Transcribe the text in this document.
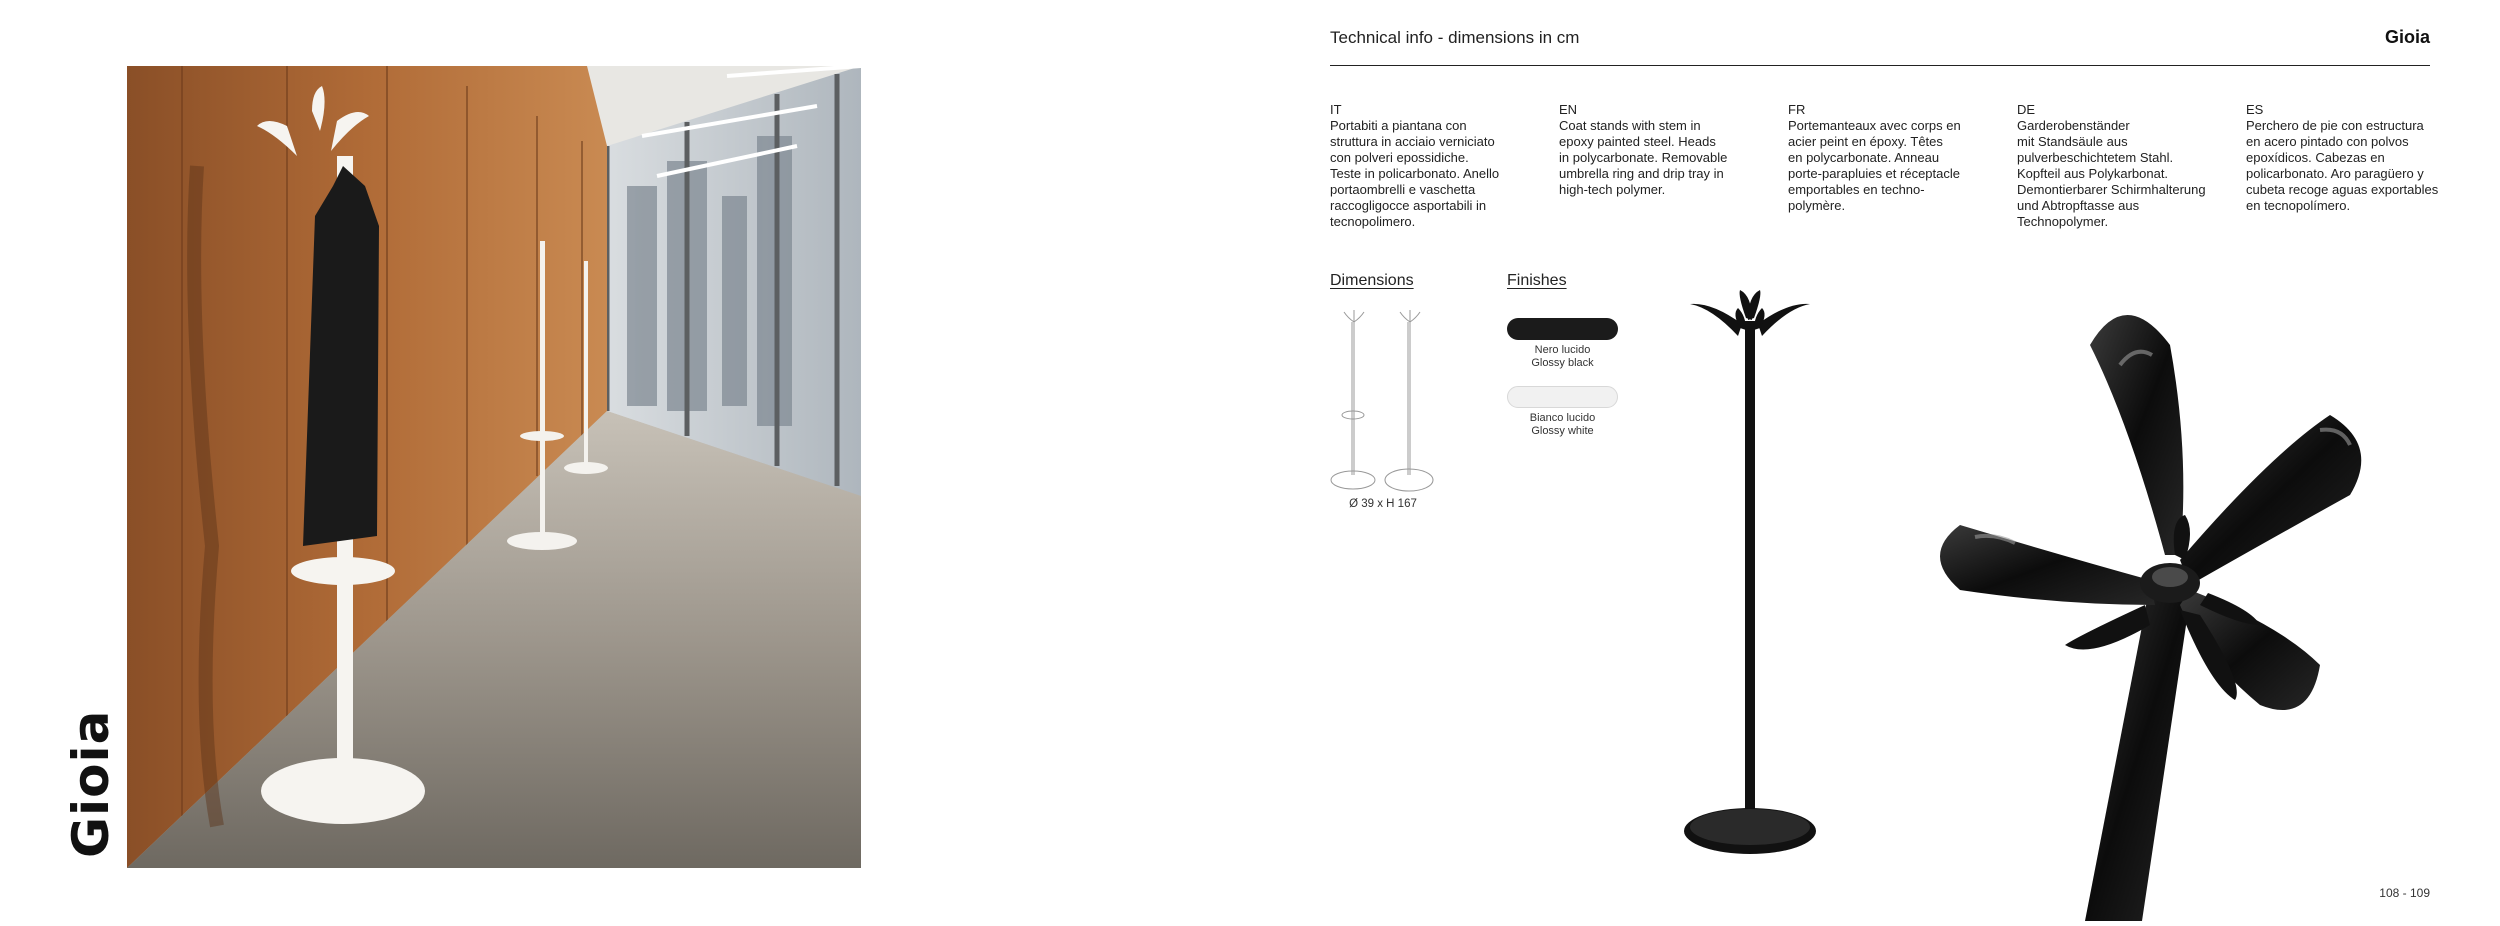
Gioia
Technical info - dimensions in cm	Gioia

IT
Portabiti a piantana con
struttura in acciaio verniciato
con polveri epossidiche.
Teste in policarbonato. Anello
portaombrelli e vaschetta
raccogligocce asportabili in
tecnopolimero.

EN
Coat stands with stem in
epoxy painted steel. Heads
in polycarbonate. Removable
umbrella ring and drip tray in
high-tech polymer.

FR
Portemanteaux avec corps en
acier peint en époxy. Têtes
en polycarbonate. Anneau
porte-parapluies et réceptacle
emportables en techno-
polymère.

DE
Garderobenständer
mit Standsäule aus
pulverbeschichtetem Stahl.
Kopfteil aus Polykarbonat.
Demontierbarer Schirmhalterung
und Abtropftasse aus
Technopolymer.

ES
Perchero de pie con estructura
en acero pintado con polvos
epoxídicos. Cabezas en
policarbonato. Aro paragüero y
cubeta recoge aguas exportables
en tecnopolímero.

Dimensions
Ø 39 x H 167
Finishes
Nero lucido
Glossy black
Bianco lucido
Glossy white
108 - 109
